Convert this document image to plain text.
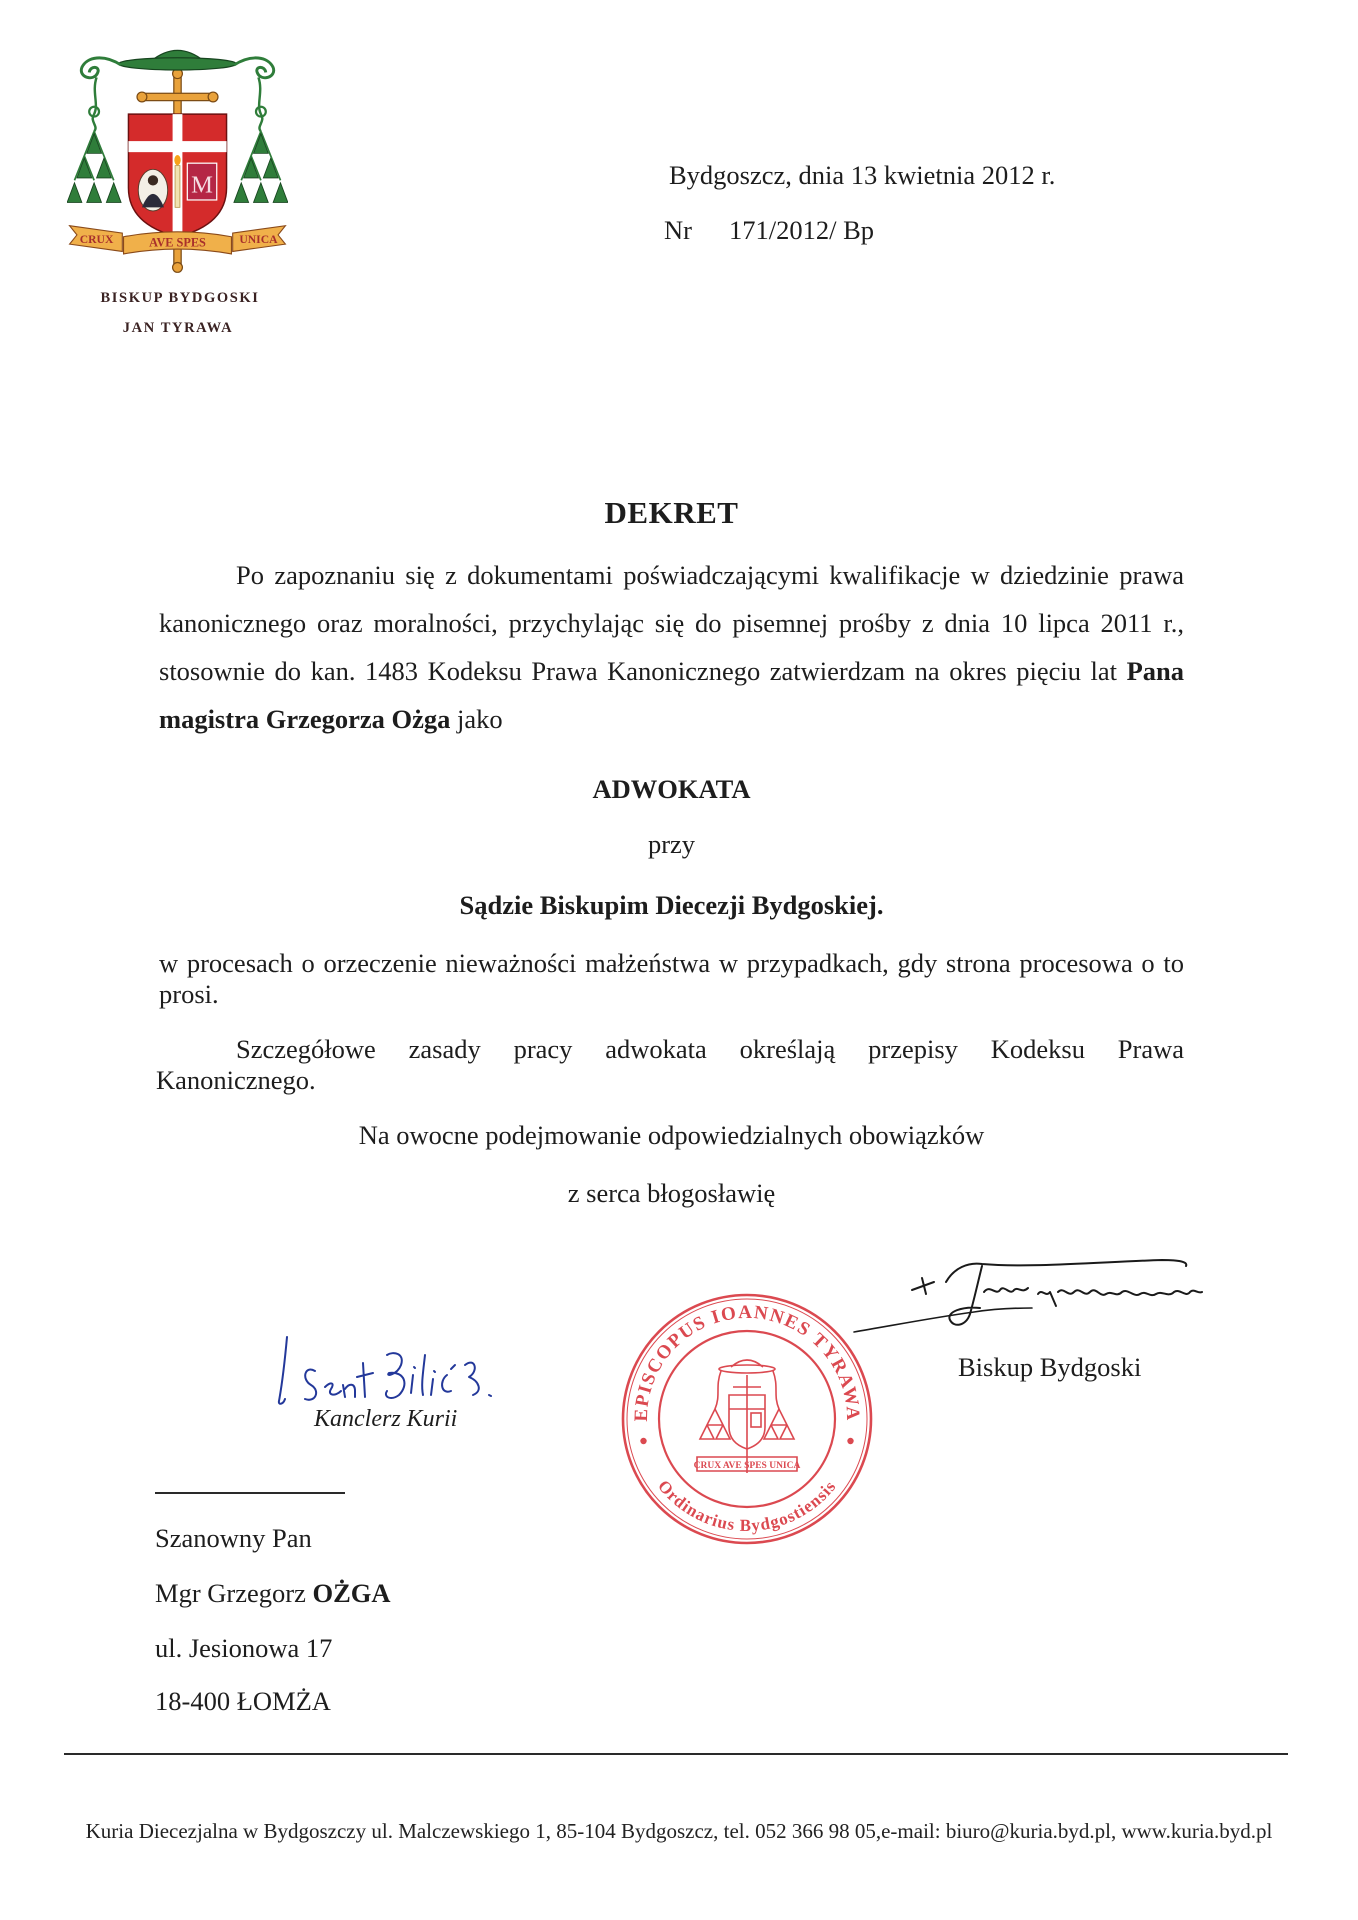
M
CRUX	AVE SPES	UNICA
BISKUP BYDGOSKI
JAN TYRAWA
Bydgoszcz, dnia 13 kwietnia 2012 r.
Nr 171/2012/ Bp
DEKRET
Po zapoznaniu się z dokumentami poświadczającymi kwalifikacje w dziedzinie prawa
kanonicznego oraz moralności, przychylając się do pisemnej prośby z dnia 10 lipca 2011 r.,
stosownie do kan. 1483 Kodeksu Prawa Kanonicznego zatwierdzam na okres pięciu lat Pana
magistra Grzegorza Ożga jako
ADWOKATA
przy
Sądzie Biskupim Diecezji Bydgoskiej.
w procesach o orzeczenie nieważności małżeństwa w przypadkach, gdy strona procesowa o to
prosi.
Szczegółowe zasady pracy adwokata określają przepisy Kodeksu Prawa
Kanonicznego.
Na owocne podejmowanie odpowiedzialnych obowiązków
z serca błogosławię
Biskup Bydgoski
Kanclerz Kurii	EPISCOPUS IOANNES TYRAWA
Ordinarius Bydgostiensis
CRUX AVE SPES UNICA
Szanowny Pan
Mgr Grzegorz OŻGA
ul. Jesionowa 17
18-400 ŁOMŻA
Kuria Diecezjalna w Bydgoszczy ul. Malczewskiego 1, 85-104 Bydgoszcz, tel. 052 366 98 05,e-mail: biuro@kuria.byd.pl, www.kuria.byd.pl
